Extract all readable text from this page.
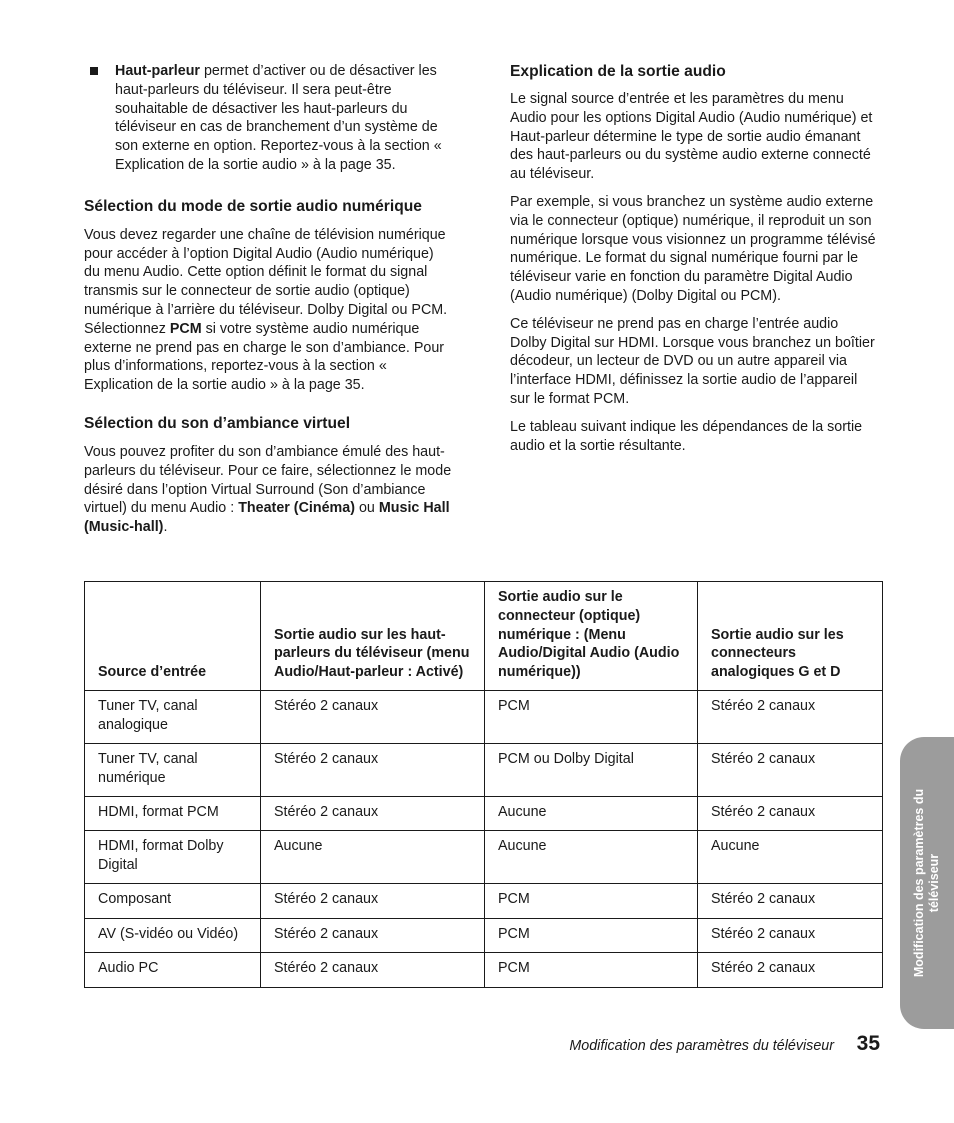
Haut-parleur permet d’activer ou de désactiver les haut-parleurs du téléviseur. Il sera peut-être souhaitable de désactiver les haut-parleurs du téléviseur en cas de branchement d’un système de son externe en option. Reportez-vous à la section « Explication de la sortie audio » à la page 35.

Sélection du mode de sortie audio numérique

Vous devez regarder une chaîne de télévision numérique pour accéder à l’option Digital Audio (Audio numérique) du menu Audio. Cette option définit le format du signal transmis sur le connecteur de sortie audio (optique) numérique à l’arrière du téléviseur. Dolby Digital ou PCM. Sélectionnez PCM si votre système audio numérique externe ne prend pas en charge le son d’ambiance. Pour plus d’informations, reportez-vous à la section « Explication de la sortie audio » à la page 35.

Sélection du son d’ambiance virtuel

Vous pouvez profiter du son d’ambiance émulé des haut-parleurs du téléviseur. Pour ce faire, sélectionnez le mode désiré dans l’option Virtual Surround (Son d’ambiance virtuel) du menu Audio : Theater (Cinéma) ou Music Hall (Music-hall).

Explication de la sortie audio

Le signal source d’entrée et les paramètres du menu Audio pour les options Digital Audio (Audio numérique) et Haut-parleur détermine le type de sortie audio émanant des haut-parleurs ou du système audio externe connecté au téléviseur.

Par exemple, si vous branchez un système audio externe via le connecteur (optique) numérique, il reproduit un son numérique lorsque vous visionnez un programme télévisé numérique. Le format du signal numérique fourni par le téléviseur varie en fonction du paramètre Digital Audio (Audio numérique) (Dolby Digital ou PCM).

Ce téléviseur ne prend pas en charge l’entrée audio Dolby Digital sur HDMI. Lorsque vous branchez un boîtier décodeur, un lecteur de DVD ou un autre appareil via l’interface HDMI, définissez la sortie audio de l’appareil sur le format PCM.

Le tableau suivant indique les dépendances de la sortie audio et la sortie résultante.

Source d’entrée	Sortie audio sur les haut-parleurs du téléviseur (menu Audio/Haut-parleur : Activé)	Sortie audio sur le connecteur (optique) numérique : (Menu Audio/Digital Audio (Audio numérique))	Sortie audio sur les connecteurs analogiques G et D
Tuner TV, canal analogique	Stéréo 2 canaux	PCM	Stéréo 2 canaux
Tuner TV, canal numérique	Stéréo 2 canaux	PCM ou Dolby Digital	Stéréo 2 canaux
HDMI, format PCM	Stéréo 2 canaux	Aucune	Stéréo 2 canaux
HDMI, format Dolby Digital	Aucune	Aucune	Aucune
Composant	Stéréo 2 canaux	PCM	Stéréo 2 canaux
AV (S-vidéo ou Vidéo)	Stéréo 2 canaux	PCM	Stéréo 2 canaux
Audio PC	Stéréo 2 canaux	PCM	Stéréo 2 canaux	Modification des paramètres du téléviseur
Modification des paramètres du téléviseur 35
